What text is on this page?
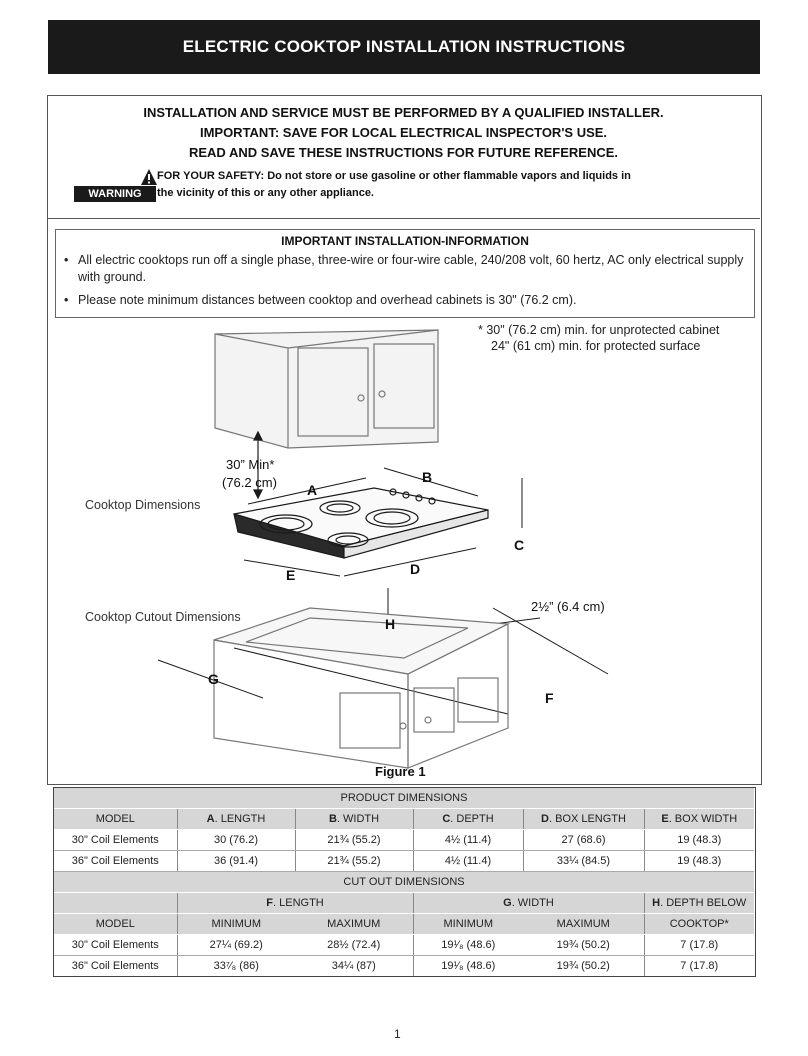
ELECTRIC COOKTOP INSTALLATION INSTRUCTIONS
INSTALLATION AND SERVICE MUST BE PERFORMED BY A QUALIFIED INSTALLER.
IMPORTANT: SAVE FOR LOCAL ELECTRICAL INSPECTOR'S USE.
READ AND SAVE THESE INSTRUCTIONS FOR FUTURE REFERENCE.
WARNING
FOR YOUR SAFETY: Do not store or use gasoline or other flammable vapors and liquids in
the vicinity of this or any other appliance.
IMPORTANT INSTALLATION-INFORMATION
• All electric cooktops run off a single phase, three-wire or four-wire cable, 240/208 volt, 60 hertz, AC only electrical supply with ground.
• Please note minimum distances between cooktop and overhead cabinets is 30" (76.2 cm).
* 30" (76.2 cm) min. for unprotected cabinet
24" (61 cm) min. for protected surface
30” Min*
(76.2 cm)
Cooktop Dimensions
Cooktop Cutout Dimensions
2½” (6.4 cm)
A
B
C
D
E
F
G
H
Figure 1
PRODUCT DIMENSIONS					
MODEL	A. LENGTH	B. WIDTH	C. DEPTH	D. BOX LENGTH	E. BOX WIDTH
30" Coil Elements	30 (76.2)	21¾ (55.2)	4½ (11.4)	27 (68.6)	19 (48.3)
36" Coil Elements	36 (91.4)	21¾ (55.2)	4½ (11.4)	33¼ (84.5)	19 (48.3)
CUT OUT DIMENSIONS					
	F. LENGTH		G. WIDTH		H. DEPTH BELOW
MODEL	MINIMUM	MAXIMUM	MINIMUM	MAXIMUM	COOKTOP*
30" Coil Elements	27¼ (69.2)	28½ (72.4)	19¹⁄₈ (48.6)	19¾ (50.2)	7 (17.8)
36" Coil Elements	33⁷⁄₈ (86)	34¼ (87)	19¹⁄₈ (48.6)	19¾ (50.2)	7 (17.8)
1
